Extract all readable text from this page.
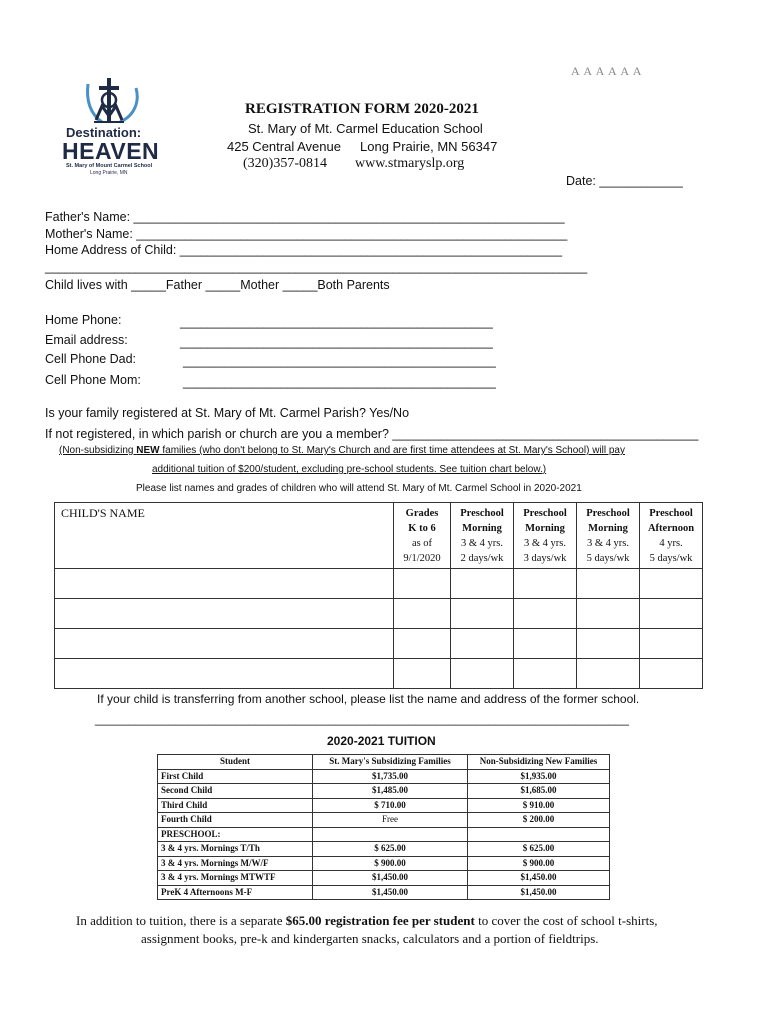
A A A A A A
Destination:
HEAVEN
St. Mary of Mount Carmel School
Long Prairie, MN
REGISTRATION FORM 2020-2021
St. Mary of Mt. Carmel Education School
425 Central Avenue Long Prairie, MN 56347
(320)357-0814 www.stmaryslp.org
Date: ____________
Father's Name: ______________________________________________________________
Mother's Name: ______________________________________________________________
Home Address of Child: _______________________________________________________
______________________________________________________________________________
Child lives with _____Father _____Mother _____Both Parents
Home Phone:	_____________________________________________
Email address:	_____________________________________________
Cell Phone Dad:	_____________________________________________
Cell Phone Mom:	_____________________________________________
Is your family registered at St. Mary of Mt. Carmel Parish? Yes/No
If not registered, in which parish or church are you a member? ____________________________________________
(Non-subsidizing NEW families (who don't belong to St. Mary's Church and are first time attendees at St. Mary's School) will pay
additional tuition of $200/student, excluding pre-school students. See tuition chart below.)
Please list names and grades of children who will attend St. Mary of Mt. Carmel School in 2020-2021
CHILD'S NAME	Grades
K to 6
as of
9/1/2020	Preschool
Morning
3 & 4 yrs.
2 days/wk	Preschool
Morning
3 & 4 yrs.
3 days/wk	Preschool
Morning
3 & 4 yrs.
5 days/wk	Preschool
Afternoon
4 yrs.
5 days/wk

If your child is transferring from another school, please list the name and address of the former school.
________________________________________________________________________________
2020-2021 TUITION
Student	St. Mary's Subsidizing Families	Non-Subsidizing New Families
First Child	$1,735.00	$1,935.00
Second Child	$1,485.00	$1,685.00
Third Child	$ 710.00	$ 910.00
Fourth Child	Free	$ 200.00
PRESCHOOL:		
3 & 4 yrs. Mornings T/Th	$ 625.00	$ 625.00
3 & 4 yrs. Mornings M/W/F	$ 900.00	$ 900.00
3 & 4 yrs. Mornings MTWTF	$1,450.00	$1,450.00
PreK 4 Afternoons M-F	$1,450.00	$1,450.00
In addition to tuition, there is a separate $65.00 registration fee per student to cover the cost of school t-shirts,
assignment books, pre-k and kindergarten snacks, calculators and a portion of fieldtrips.
